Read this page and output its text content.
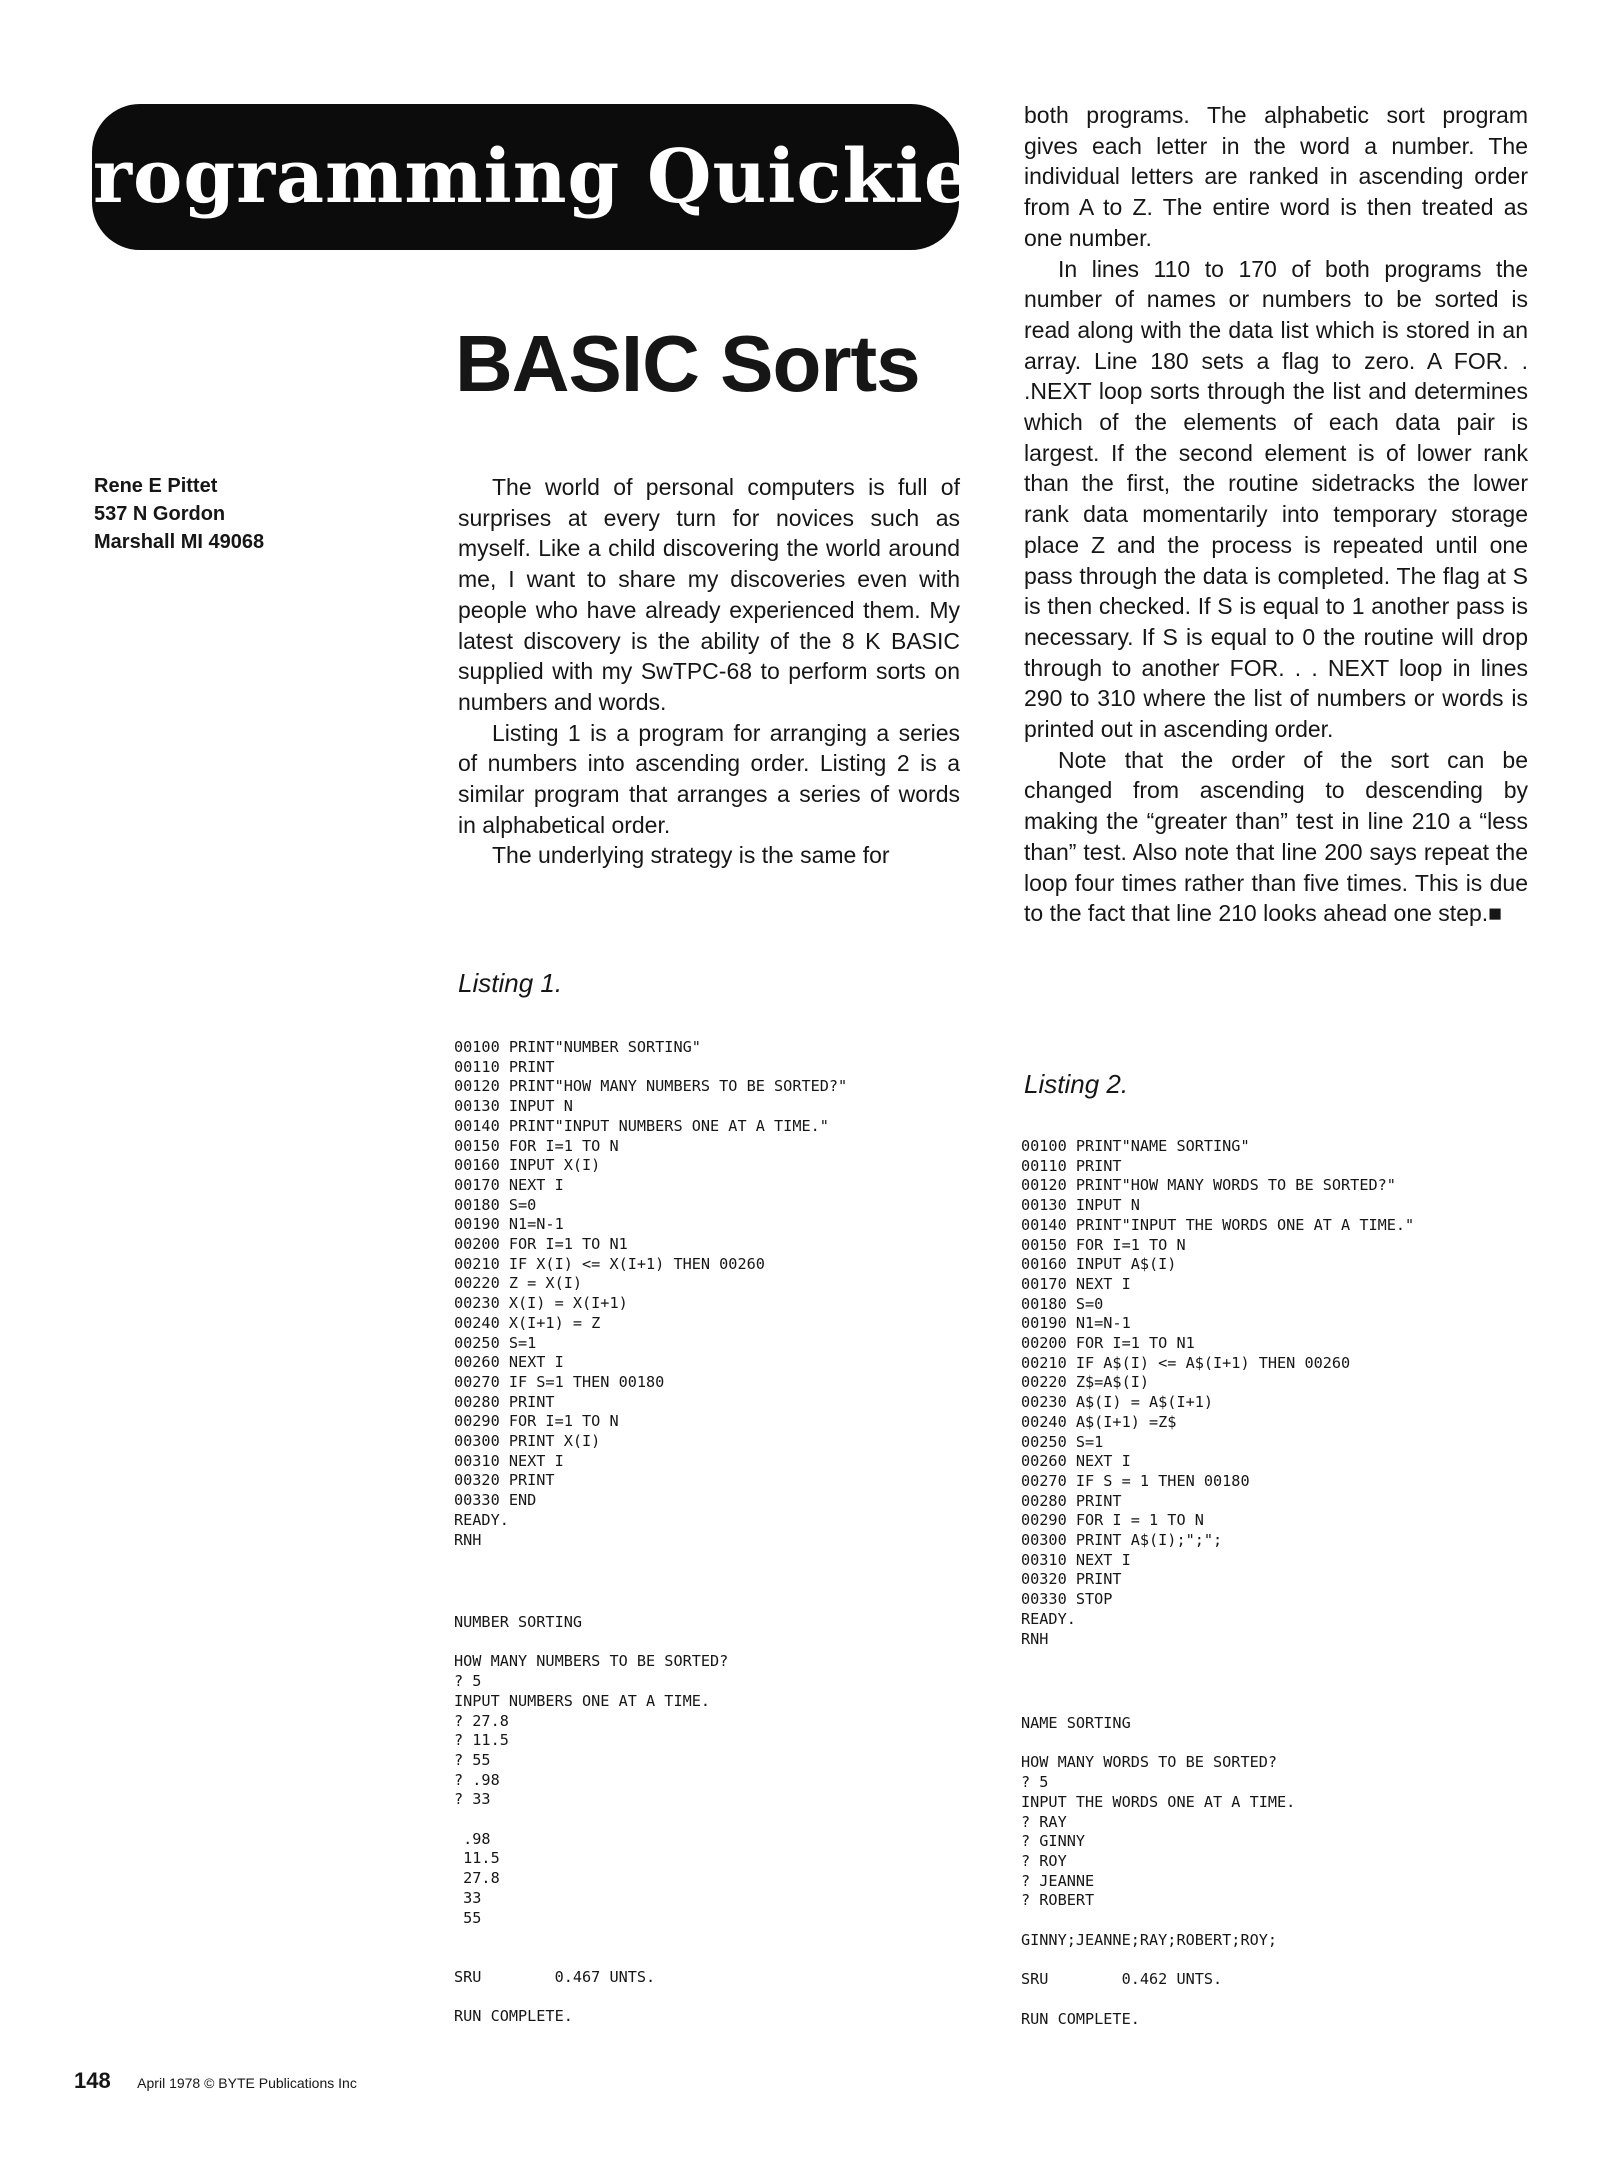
Programming Quickies
BASIC Sorts
Rene E Pittet
537 N Gordon
Marshall MI 49068

The world of personal computers is full of surprises at every turn for novices such as myself. Like a child discovering the world around me, I want to share my discoveries even with people who have already experienced them. My latest discovery is the ability of the 8 K BASIC supplied with my SwTPC-68 to perform sorts on numbers and words.

Listing 1 is a program for arranging a series of numbers into ascending order. Listing 2 is a similar program that arranges a series of words in alphabetical order.

The underlying strategy is the same for

both programs. The alphabetic sort program gives each letter in the word a number. The individual letters are ranked in ascending order from A to Z. The entire word is then treated as one number.

In lines 110 to 170 of both programs the number of names or numbers to be sorted is read along with the data list which is stored in an array. Line 180 sets a flag to zero. A FOR. . .NEXT loop sorts through the list and determines which of the elements of each data pair is largest. If the second element is of lower rank than the first, the routine sidetracks the lower rank data momentarily into temporary storage place Z and the process is repeated until one pass through the data is completed. The flag at S is then checked. If S is equal to 1 another pass is necessary. If S is equal to 0 the routine will drop through to another FOR. . . NEXT loop in lines 290 to 310 where the list of numbers or words is printed out in ascending order.

Note that the order of the sort can be changed from ascending to descending by making the “greater than” test in line 210 a “less than” test. Also note that line 200 says repeat the loop four times rather than five times. This is due to the fact that line 210 looks ahead one step.■

Listing 1.
00100 PRINT"NUMBER SORTING"
00110 PRINT
00120 PRINT"HOW MANY NUMBERS TO BE SORTED?"
00130 INPUT N
00140 PRINT"INPUT NUMBERS ONE AT A TIME."
00150 FOR I=1 TO N
00160 INPUT X(I)
00170 NEXT I
00180 S=0
00190 N1=N-1
00200 FOR I=1 TO N1
00210 IF X(I) <= X(I+1) THEN 00260
00220 Z = X(I)
00230 X(I) = X(I+1)
00240 X(I+1) = Z
00250 S=1
00260 NEXT I
00270 IF S=1 THEN 00180
00280 PRINT
00290 FOR I=1 TO N
00300 PRINT X(I)
00310 NEXT I
00320 PRINT
00330 END
READY.
RNH
NUMBER SORTING

HOW MANY NUMBERS TO BE SORTED?
? 5
INPUT NUMBERS ONE AT A TIME.
? 27.8
? 11.5
? 55
? .98
? 33

.98
11.5
27.8
33
55

SRU        0.467 UNTS.

RUN COMPLETE.
Listing 2.
00100 PRINT"NAME SORTING"
00110 PRINT
00120 PRINT"HOW MANY WORDS TO BE SORTED?"
00130 INPUT N
00140 PRINT"INPUT THE WORDS ONE AT A TIME."
00150 FOR I=1 TO N
00160 INPUT A$(I)
00170 NEXT I
00180 S=0
00190 N1=N-1
00200 FOR I=1 TO N1
00210 IF A$(I) <= A$(I+1) THEN 00260
00220 Z$=A$(I)
00230 A$(I) = A$(I+1)
00240 A$(I+1) =Z$
00250 S=1
00260 NEXT I
00270 IF S = 1 THEN 00180
00280 PRINT
00290 FOR I = 1 TO N
00300 PRINT A$(I);";";
00310 NEXT I
00320 PRINT
00330 STOP
READY.
RNH
NAME SORTING

HOW MANY WORDS TO BE SORTED?
? 5
INPUT THE WORDS ONE AT A TIME.
? RAY
? GINNY
? ROY
? JEANNE
? ROBERT

GINNY;JEANNE;RAY;ROBERT;ROY;

SRU        0.462 UNTS.

RUN COMPLETE.
148 April 1978 © BYTE Publications Inc
